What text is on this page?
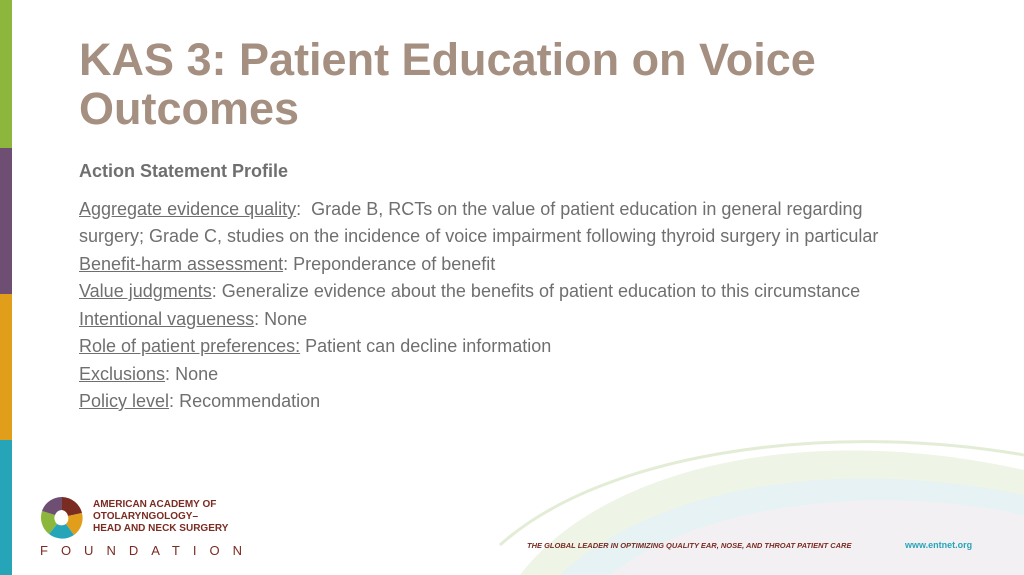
KAS 3: Patient Education on Voice Outcomes

Action Statement Profile

Aggregate evidence quality:  Grade B, RCTs on the value of patient education in general regarding surgery; Grade C, studies on the incidence of voice impairment following thyroid surgery in particular

Benefit-harm assessment: Preponderance of benefit

Value judgments: Generalize evidence about the benefits of patient education to this circumstance

Intentional vagueness: None

Role of patient preferences: Patient can decline information

Exclusions: None

Policy level: Recommendation

AMERICAN ACADEMY OF
OTOLARYNGOLOGY–
HEAD AND NECK SURGERY
FOUNDATION	THE GLOBAL LEADER IN OPTIMIZING QUALITY EAR, NOSE, AND THROAT PATIENT CARE	www.entnet.org
